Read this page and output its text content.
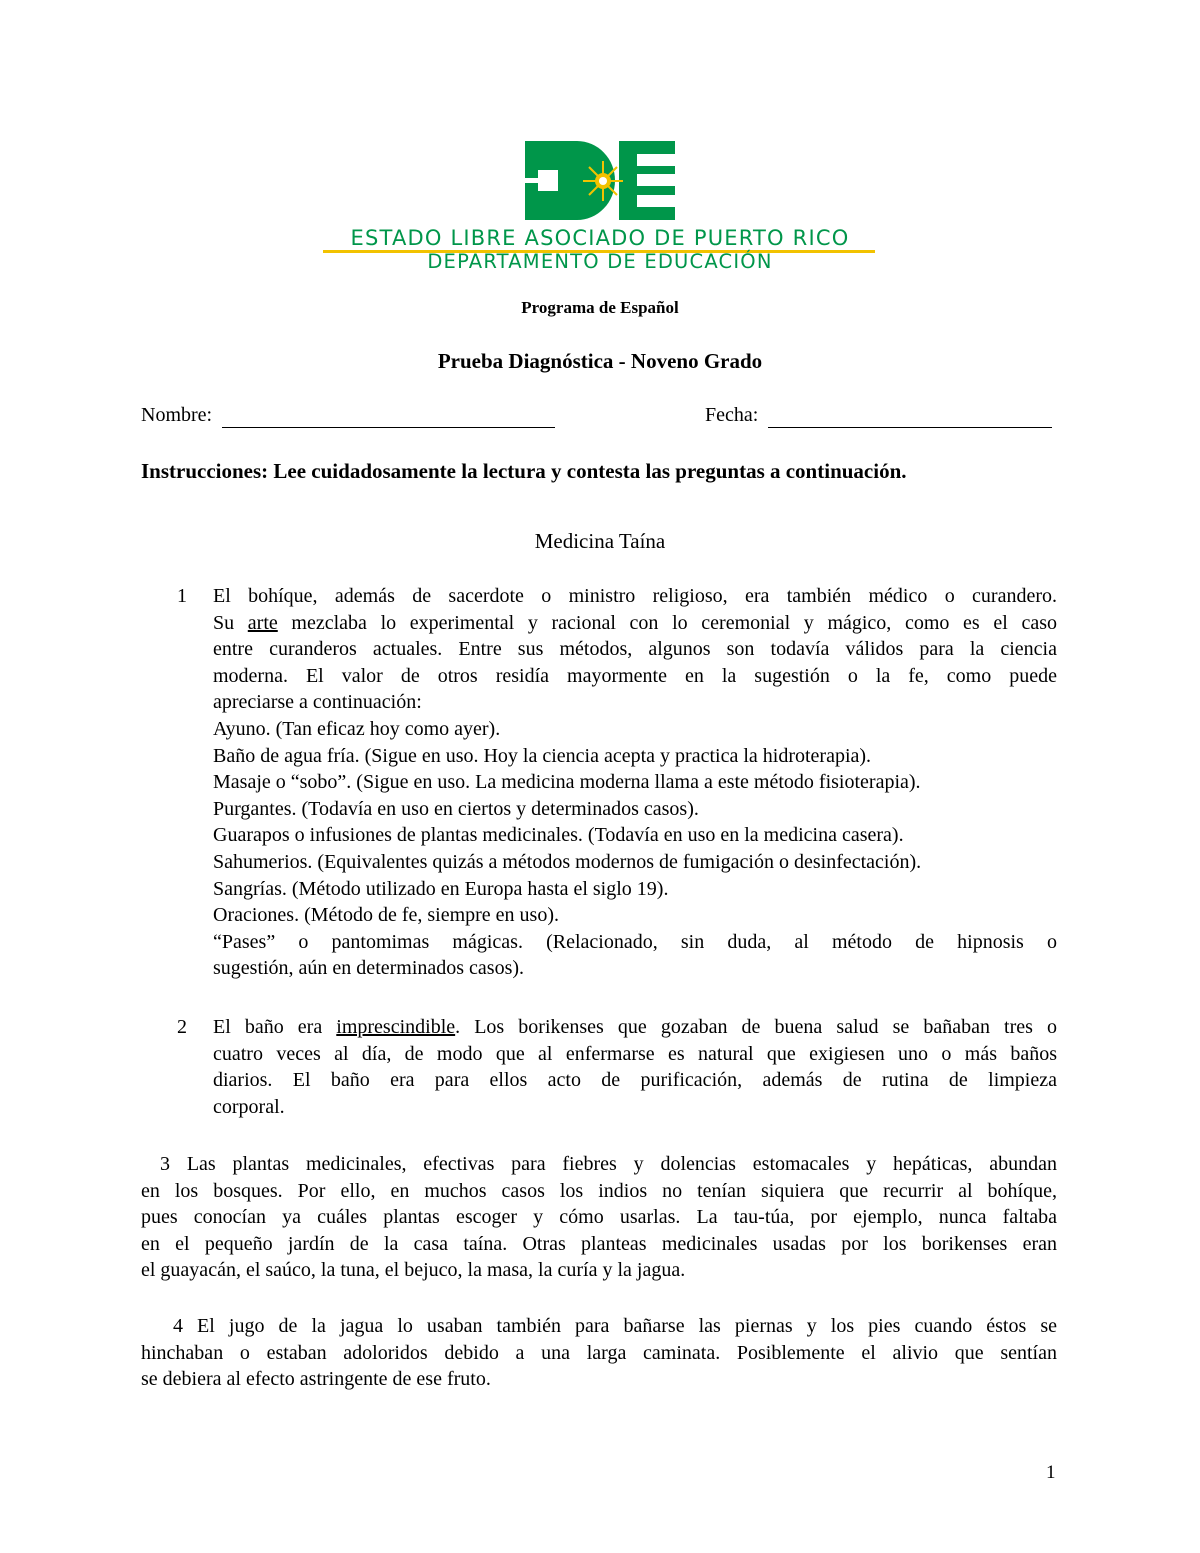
ESTADO LIBRE ASOCIADO DE PUERTO RICO
DEPARTAMENTO DE EDUCACIÓN
Programa de Español
Prueba Diagnóstica - Noveno Grado
Nombre:	Fecha:
Instrucciones: Lee cuidadosamente la lectura y contesta las preguntas a continuación.
Medicina Taína
1 El bohíque, además de sacerdote o ministro religioso, era también médico o curandero.
Su arte mezclaba lo experimental y racional con lo ceremonial y mágico, como es el caso
entre curanderos actuales. Entre sus métodos, algunos son todavía válidos para la ciencia
moderna. El valor de otros residía mayormente en la sugestión o la fe, como puede
apreciarse a continuación:
Ayuno. (Tan eficaz hoy como ayer).
Baño de agua fría. (Sigue en uso. Hoy la ciencia acepta y practica la hidroterapia).
Masaje o “sobo”. (Sigue en uso. La medicina moderna llama a este método fisioterapia).
Purgantes. (Todavía en uso en ciertos y determinados casos).
Guarapos o infusiones de plantas medicinales. (Todavía en uso en la medicina casera).
Sahumerios. (Equivalentes quizás a métodos modernos de fumigación o desinfectación).
Sangrías. (Método utilizado en Europa hasta el siglo 19).
Oraciones. (Método de fe, siempre en uso).
“Pases” o pantomimas mágicas. (Relacionado, sin duda, al método de hipnosis o
sugestión, aún en determinados casos).
2 El baño era imprescindible. Los borikenses que gozaban de buena salud se bañaban tres o
cuatro veces al día, de modo que al enfermarse es natural que exigiesen uno o más baños
diarios. El baño era para ellos acto de purificación, además de rutina de limpieza
corporal.
3 Las plantas medicinales, efectivas para fiebres y dolencias estomacales y hepáticas, abundan
en los bosques. Por ello, en muchos casos los indios no tenían siquiera que recurrir al bohíque,
pues conocían ya cuáles plantas escoger y cómo usarlas. La tau-túa, por ejemplo, nunca faltaba
en el pequeño jardín de la casa taína. Otras planteas medicinales usadas por los borikenses eran
el guayacán, el saúco, la tuna, el bejuco, la masa, la curía y la jagua.
4 El jugo de la jagua lo usaban también para bañarse las piernas y los pies cuando éstos se
hinchaban o estaban adoloridos debido a una larga caminata. Posiblemente el alivio que sentían
se debiera al efecto astringente de ese fruto.
1
